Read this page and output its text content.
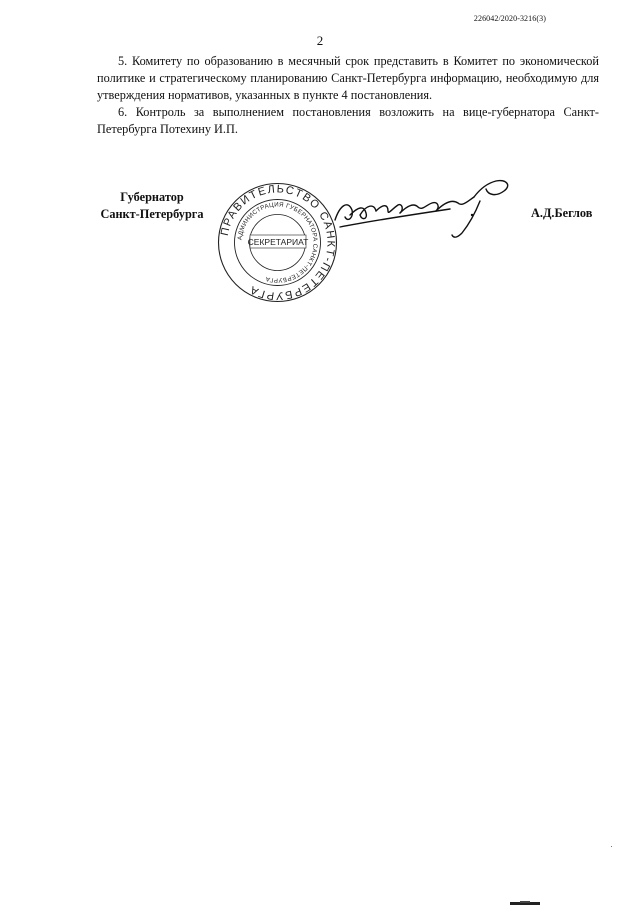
226042/2020-3216(3)
2

5. Комитету по образованию в месячный срок представить в Комитет по экономической политике и стратегическому планированию Санкт-Петербурга информацию, необходимую для утверждения нормативов, указанных в пункте 4 постановления.

6. Контроль за выполнением постановления возложить на вице-губернатора Санкт-Петербурга Потехину И.П.

Губернатор
Санкт-Петербурга
ПРАВИТЕЛЬСТВО САНКТ-ПЕТЕРБУРГА
АДМИНИСТРАЦИЯ ГУБЕРНАТОРА САНКТ-ПЕТЕРБУРГА
СЕКРЕТАРИАТ
А.Д.Беглов
